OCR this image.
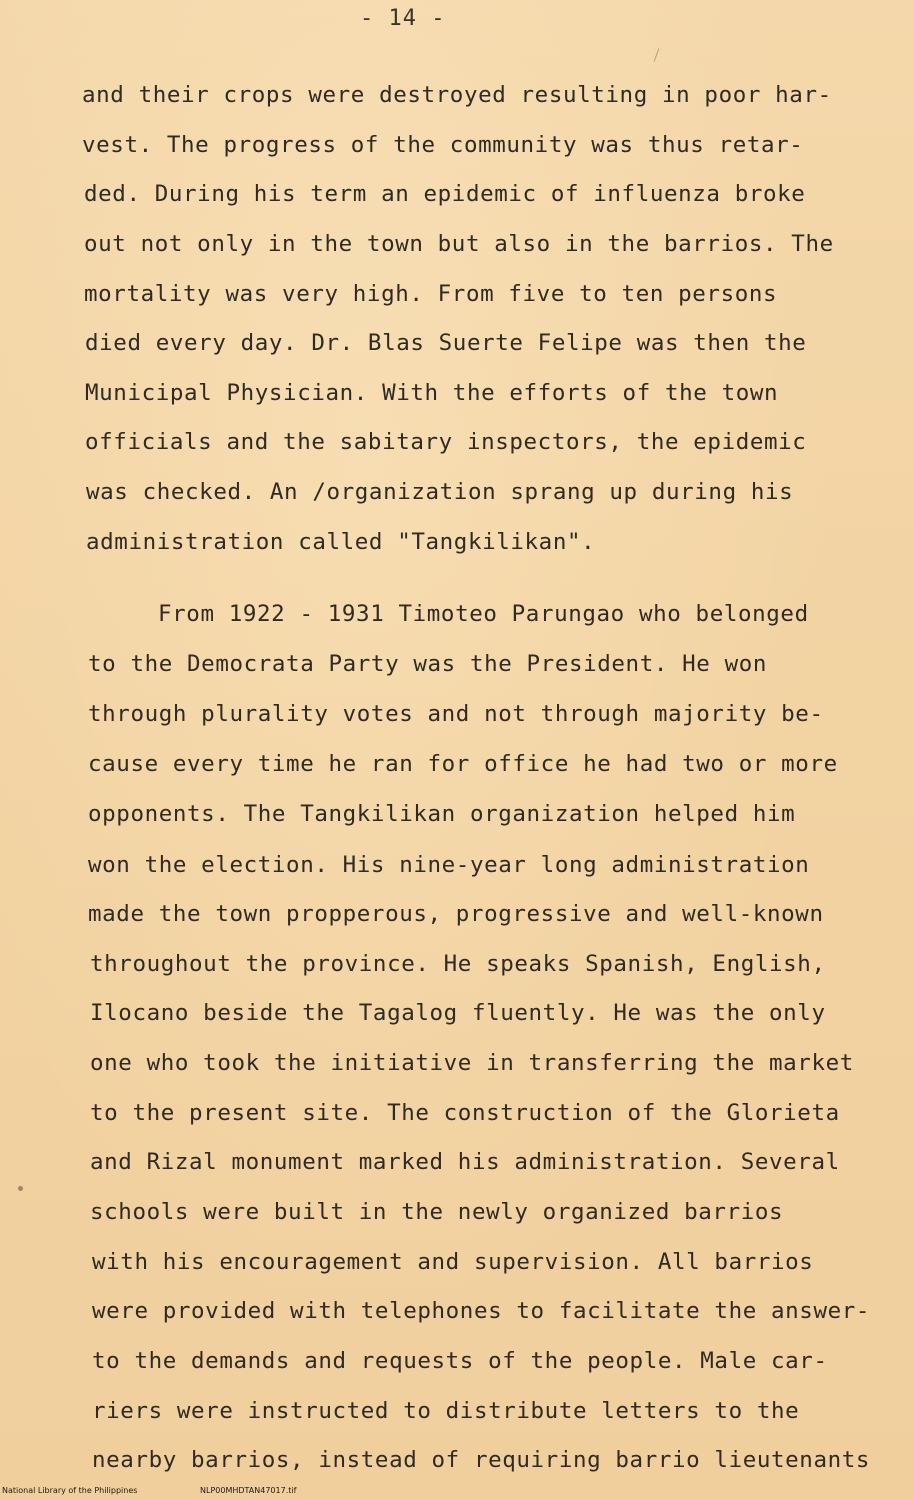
- 14 -
and their crops were destroyed resulting in poor har-
vest. The progress of the community was thus retar-
ded. During his term an epidemic of influenza broke
out not only in the town but also in the barrios. The
mortality was very high. From five to ten persons
died every day. Dr. Blas Suerte Felipe was then the
Municipal Physician. With the efforts of the town
officials and the sabitary inspectors, the epidemic
was checked. An /organization sprang up during his
administration called "Tangkilikan".
From 1922 - 1931 Timoteo Parungao who belonged
to the Democrata Party was the President. He won
through plurality votes and not through majority be-
cause every time he ran for office he had two or more
opponents. The Tangkilikan organization helped him
won the election. His nine-year long administration
made the town propperous, progressive and well-known
throughout the province. He speaks Spanish, English,
Ilocano beside the Tagalog fluently. He was the only
one who took the initiative in transferring the market
to the present site. The construction of the Glorieta
and Rizal monument marked his administration. Several
schools were built in the newly organized barrios
with his encouragement and supervision. All barrios
were provided with telephones to facilitate the answer-
to the demands and requests of the people. Male car-
riers were instructed to distribute letters to the
nearby barrios, instead of requiring barrio lieutenants
National Library of the Philippines	NLP00MHDTAN47017.tif
